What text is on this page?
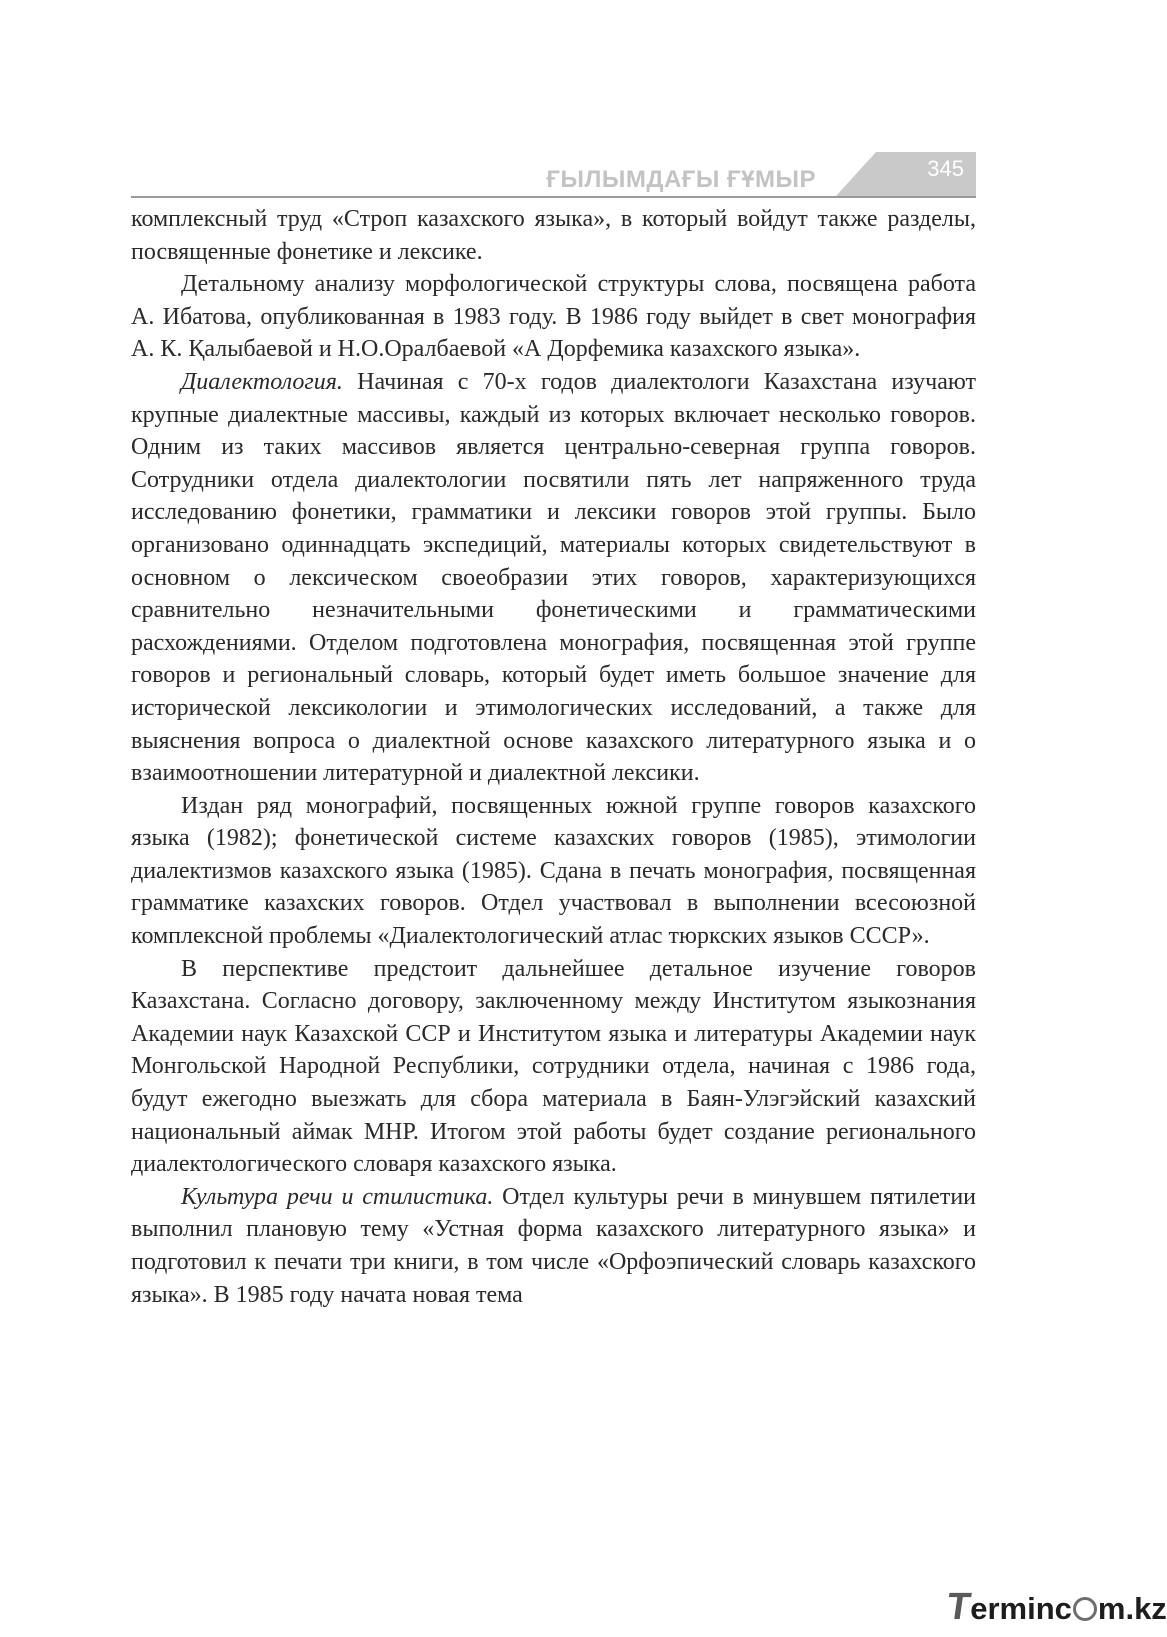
ҒЫЛЫМДАҒЫ ҒҰМЫР	345

комплексный труд «Строп казахского языка», в который войдут также разделы, посвященные фонетике и лексике.

Детальному анализу морфологической структуры слова, посвящена работа А. Ибатова, опубликованная в 1983 году. В 1986 году выйдет в свет монография А. К. Қалыбаевой и Н.О.Оралбаевой «А Дорфемика казахского языка».

Диалектология. Начиная с 70-х годов диалектологи Казахстана изучают крупные диалектные массивы, каждый из которых включает несколько говоров. Одним из таких массивов является центрально-северная группа говоров. Сотрудники отдела диалектологии посвятили пять лет напряженного труда исследованию фонетики, грамматики и лексики говоров этой группы. Было организовано одиннадцать экспедиций, материалы которых свидетельствуют в основном о лексическом своеобразии этих говоров, характеризующихся сравнительно незначительными фонетическими и грамматическими расхождениями. Отделом подготовлена монография, посвященная этой группе говоров и региональный словарь, который будет иметь большое значение для исторической лексикологии и этимологических исследований, а также для выяснения вопроса о диалектной основе казахского литературного языка и о взаимоотношении литературной и диалектной лексики.

Издан ряд монографий, посвященных южной группе говоров казахского языка (1982); фонетической системе казахских говоров (1985), этимологии диалектизмов казахского языка (1985). Сдана в печать монография, посвященная грамматике казахских говоров. Отдел участвовал в выполнении всесоюзной комплексной проблемы «Диалектологический атлас тюркских языков СССР».

В перспективе предстоит дальнейшее детальное изучение говоров Казахстана. Согласно договору, заключенному между Институтом языкознания Академии наук Казахской ССР и Институтом языка и литературы Академии наук Монгольской Народной Республики, сотрудники отдела, начиная с 1986 года, будут ежегодно выезжать для сбора материала в Баян-Улэгэйский казахский национальный аймак МНР. Итогом этой работы будет создание регионального диалектологического словаря казахского языка.

Культура речи и стилистика. Отдел культуры речи в минувшем пятилетии выполнил плановую тему «Устная форма казахского литературного языка» и подготовил к печати три книги, в том числе «Орфоэпический словарь казахского языка». В 1985 году начата новая тема

Terminc m.kz
